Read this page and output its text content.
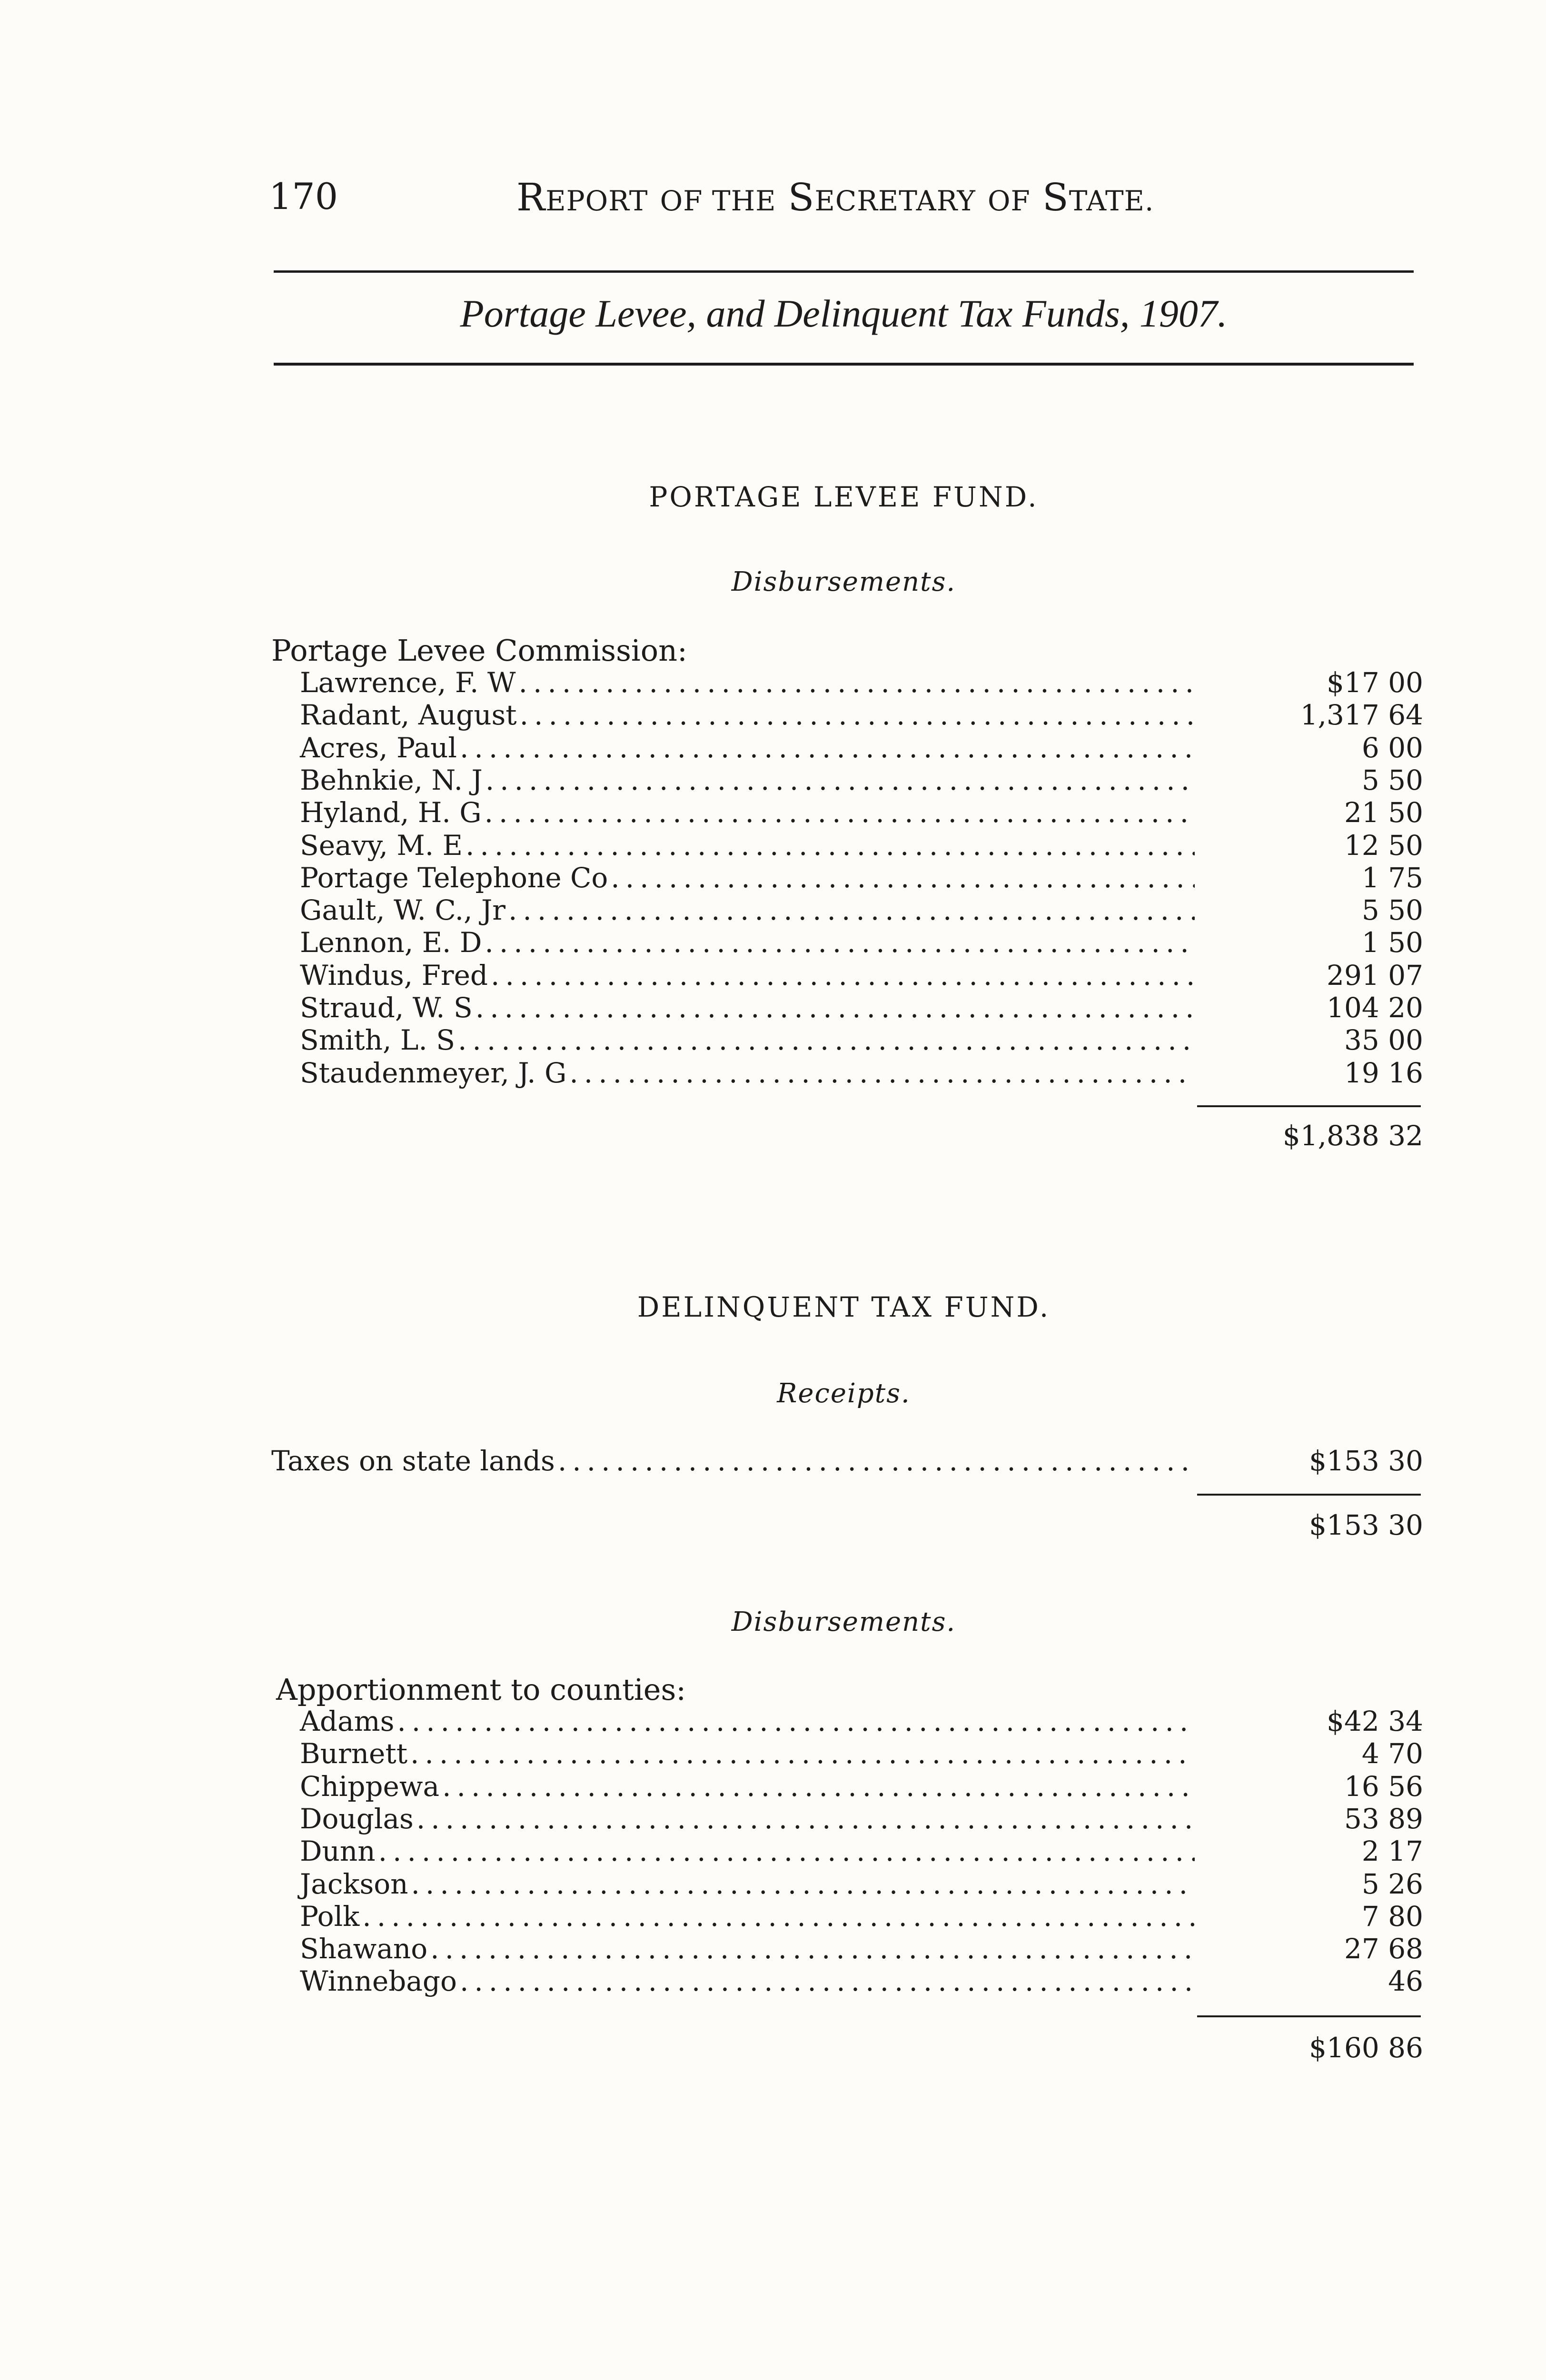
170	REPORT OF THE SECRETARY OF STATE.
Portage Levee, and Delinquent Tax Funds, 1907.
PORTAGE LEVEE FUND.
Disbursements.
Portage Levee Commission:
Lawrence, F. W .....	$17 00
Radant, August .....	1,317 64
Acres, Paul .....	6 00
Behnkie, N. J .....	5 50
Hyland, H. G .....	21 50
Seavy, M. E .....	12 50
Portage Telephone Co .....	1 75
Gault, W. C., Jr .....	5 50
Lennon, E. D .....	1 50
Windus, Fred .....	291 07
Straud, W. S .....	104 20
Smith, L. S .....	35 00
Staudenmeyer, J. G .....	19 16
$1,838 32
DELINQUENT TAX FUND.
Receipts.
Taxes on state lands .....	$153 30
$153 30
Disbursements.
Apportionment to counties:
Adams .....	$42 34
Burnett .....	4 70
Chippewa .....	16 56
Douglas .....	53 89
Dunn .....	2 17
Jackson .....	5 26
Polk .....	7 80
Shawano .....	27 68
Winnebago .....	46
$160 86
